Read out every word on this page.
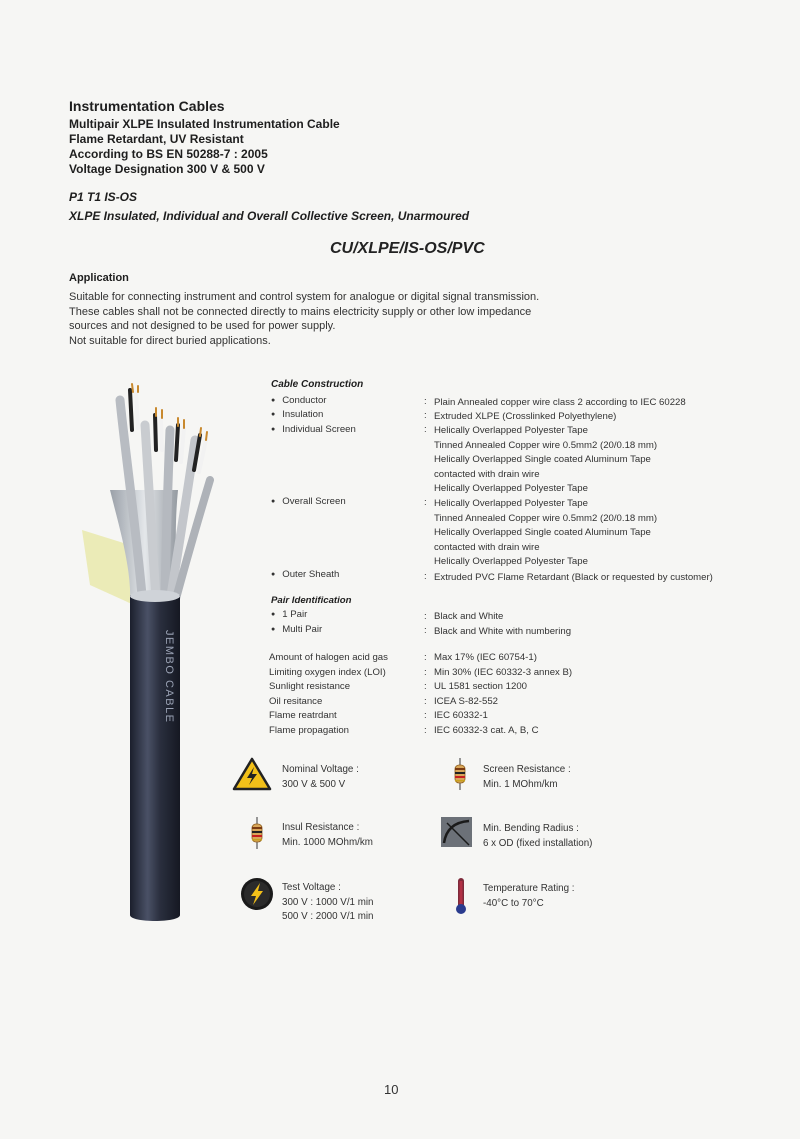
Instrumentation Cables
Multipair XLPE Insulated Instrumentation Cable
Flame Retardant, UV Resistant
According to BS EN 50288-7 : 2005
Voltage Designation 300 V & 500 V
P1 T1 IS-OS
XLPE Insulated, Individual and Overall Collective Screen, Unarmoured
CU/XLPE/IS-OS/PVC
Application

Suitable for connecting instrument and control system for analogue or digital signal transmission.

These cables shall not be connected directly to mains electricity supply or other low impedance

sources and not designed to be used for power supply.

Not suitable for direct buried applications.

JEMBO CABLE
Cable Construction
● Conductor	: Plain Annealed copper wire class 2 according to IEC 60228
● Insulation	: Extruded XLPE (Crosslinked Polyethylene)
● Individual Screen	: Helically Overlapped Polyester Tape
Tinned Annealed Copper wire 0.5mm2 (20/0.18 mm)
Helically Overlapped Single coated Aluminum Tape
contacted with drain wire
Helically Overlapped Polyester Tape
● Overall Screen	: Helically Overlapped Polyester Tape
Tinned Annealed Copper wire 0.5mm2 (20/0.18 mm)
Helically Overlapped Single coated Aluminum Tape
contacted with drain wire
Helically Overlapped Polyester Tape
● Outer Sheath	: Extruded PVC Flame Retardant (Black or requested by customer)
Pair Identification
● 1 Pair	: Black and White
● Multi Pair	: Black and White with numbering
Amount of halogen acid gas	: Max 17% (IEC 60754-1)
Limiting oxygen index (LOI)	: Min 30% (IEC 60332-3 annex B)
Sunlight resistance	: UL 1581 section 1200
Oil resitance	: ICEA S-82-552
Flame reatrdant	: IEC 60332-1
Flame propagation	: IEC 60332-3 cat. A, B, C
Nominal Voltage :
300 V & 500 V
Screen Resistance :
Min. 1 MOhm/km
Insul Resistance :
Min. 1000 MOhm/km
Min. Bending Radius :
6 x OD (fixed installation)
Test Voltage :
300 V : 1000 V/1 min
500 V : 2000 V/1 min
Temperature Rating :
-40°C to 70°C
10
